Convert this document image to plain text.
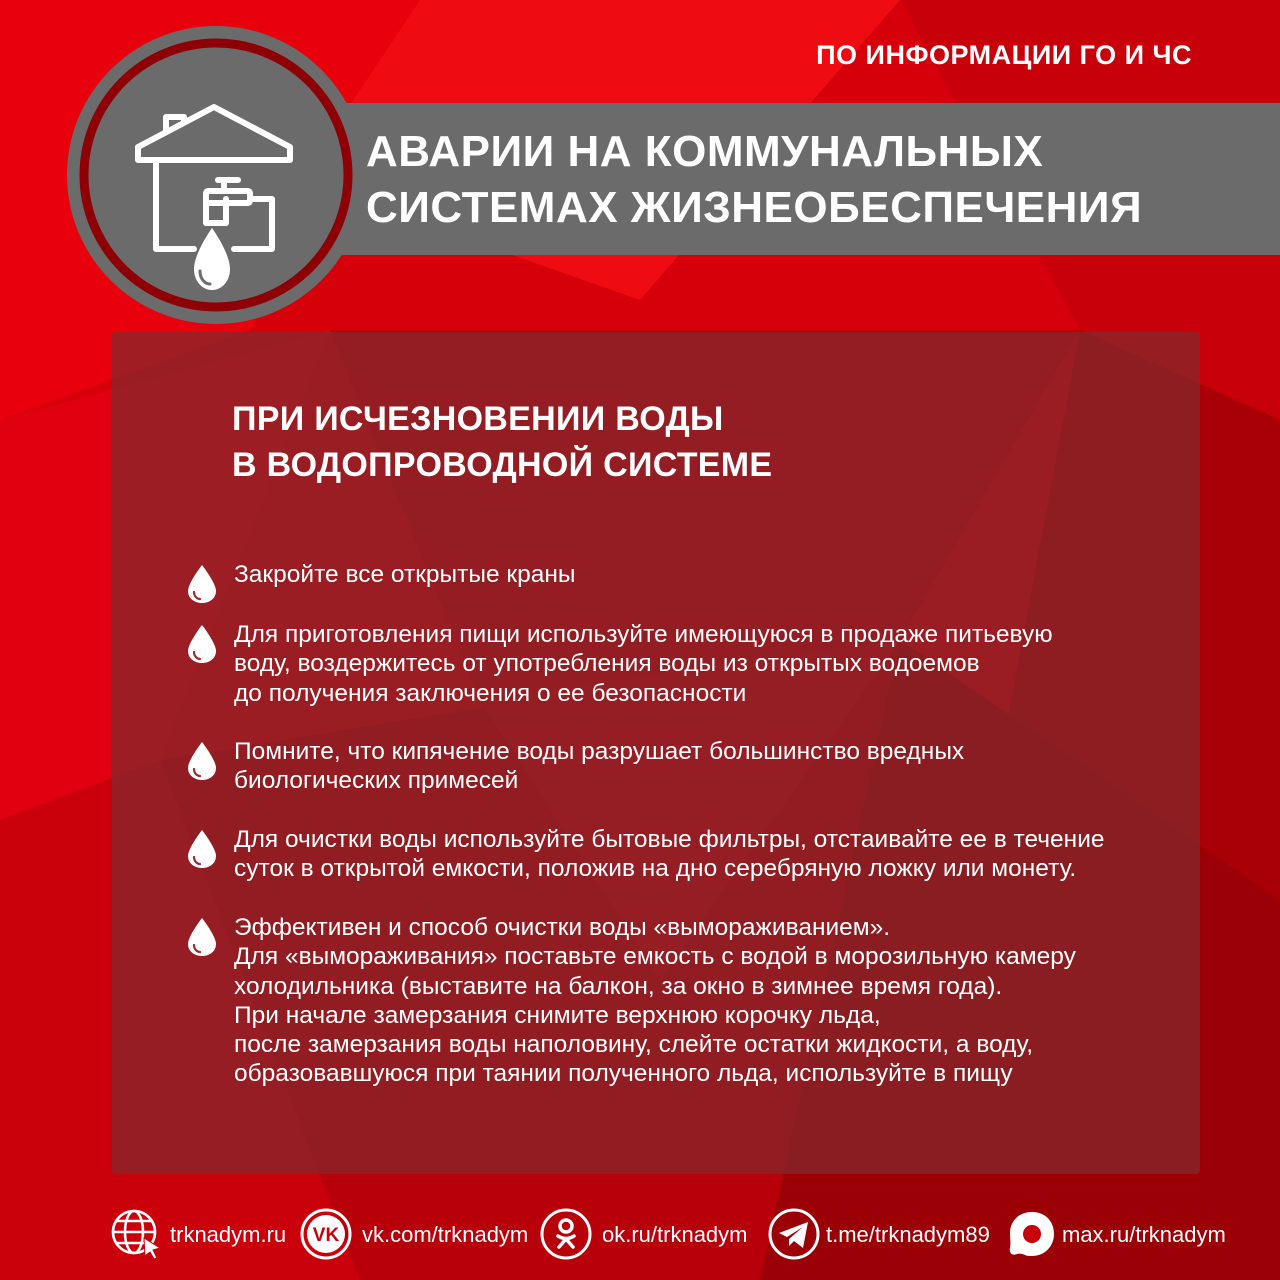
ПО ИНФОРМАЦИИ ГО И ЧС
АВАРИИ НА КОММУНАЛЬНЫХ
СИСТЕМАХ ЖИЗНЕОБЕСПЕЧЕНИЯ
ПРИ ИСЧЕЗНОВЕНИИ ВОДЫ
В ВОДОПРОВОДНОЙ СИСТЕМЕ
Закройте все открытые краны
Для приготовления пищи используйте имеющуюся в продаже питьевую
воду, воздержитесь от употребления воды из открытых водоемов
до получения заключения о ее безопасности
Помните, что кипячение воды разрушает большинство вредных
биологических примесей
Для очистки воды используйте бытовые фильтры, отстаивайте ее в течение
суток в открытой емкости, положив на дно серебряную ложку или монету.
Эффективен и способ очистки воды «вымораживанием».
Для «вымораживания» поставьте емкость с водой в морозильную камеру
холодильника (выставите на балкон, за окно в зимнее время года).
При начале замерзания снимите верхнюю корочку льда,
после замерзания воды наполовину, слейте остатки жидкости, а воду,
образовавшуюся при таянии полученного льда, используйте в пищу
trknadym.ru VK vk.com/trknadym	ok.ru/trknadym	t.me/trknadym89	max.ru/trknadym
